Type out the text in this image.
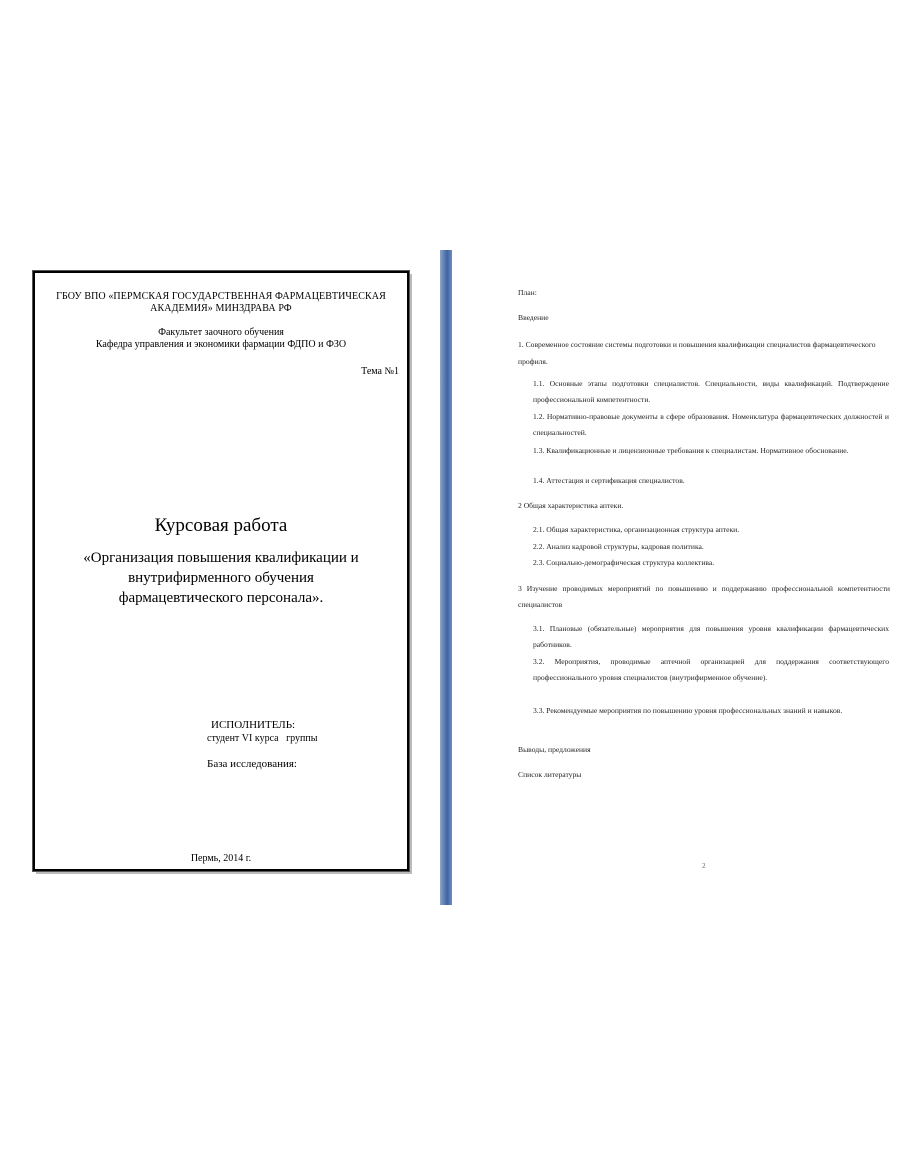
ГБОУ ВПО «ПЕРМСКАЯ ГОСУДАРСТВЕННАЯ ФАРМАЦЕВТИЧЕСКАЯ
АКАДЕМИЯ» МИНЗДРАВА РФ
Факультет заочного обучения
Кафедра управления и экономики фармации ФДПО и ФЗО
Тема №1
Курсовая работа
«Организация повышения квалификации и
внутрифирменного обучения
фармацевтического персонала».
ИСПОЛНИТЕЛЬ:
студент VI курса   группы
База исследования:
Пермь, 2014 г.

План:

Введение

1. Современное состояние системы подготовки и повышения квалификации специалистов фармацевтического профиля.

1.1. Основные этапы подготовки специалистов. Специальности, виды квалификаций. Подтверждение профессиональной компетентности.

1.2. Нормативно-правовые документы в сфере образования. Номенклатура фармацевтических должностей и специальностей.

1.3. Квалификационные и лицензионные требования к специалистам. Нормативное обоснование.

1.4. Аттестация и сертификация специалистов.

2 Общая характеристика аптеки.

2.1. Общая характеристика, организационная структура аптеки.

2.2. Анализ кадровой структуры, кадровая политика.

2.3. Социально-демографическая структура коллектива.

3 Изучение проводимых мероприятий по повышению и поддержанию профессиональной компетентности специалистов

3.1. Плановые (обязательные) мероприятия для повышения уровня квалификации фармацевтических работников.

3.2. Мероприятия, проводимые аптечной организацией для поддержания соответствующего профессионального уровня специалистов (внутрифирменное обучение).

3.3. Рекомендуемые мероприятия по повышению уровня профессиональных знаний и навыков.

Выводы, предложения

Список литературы

2
